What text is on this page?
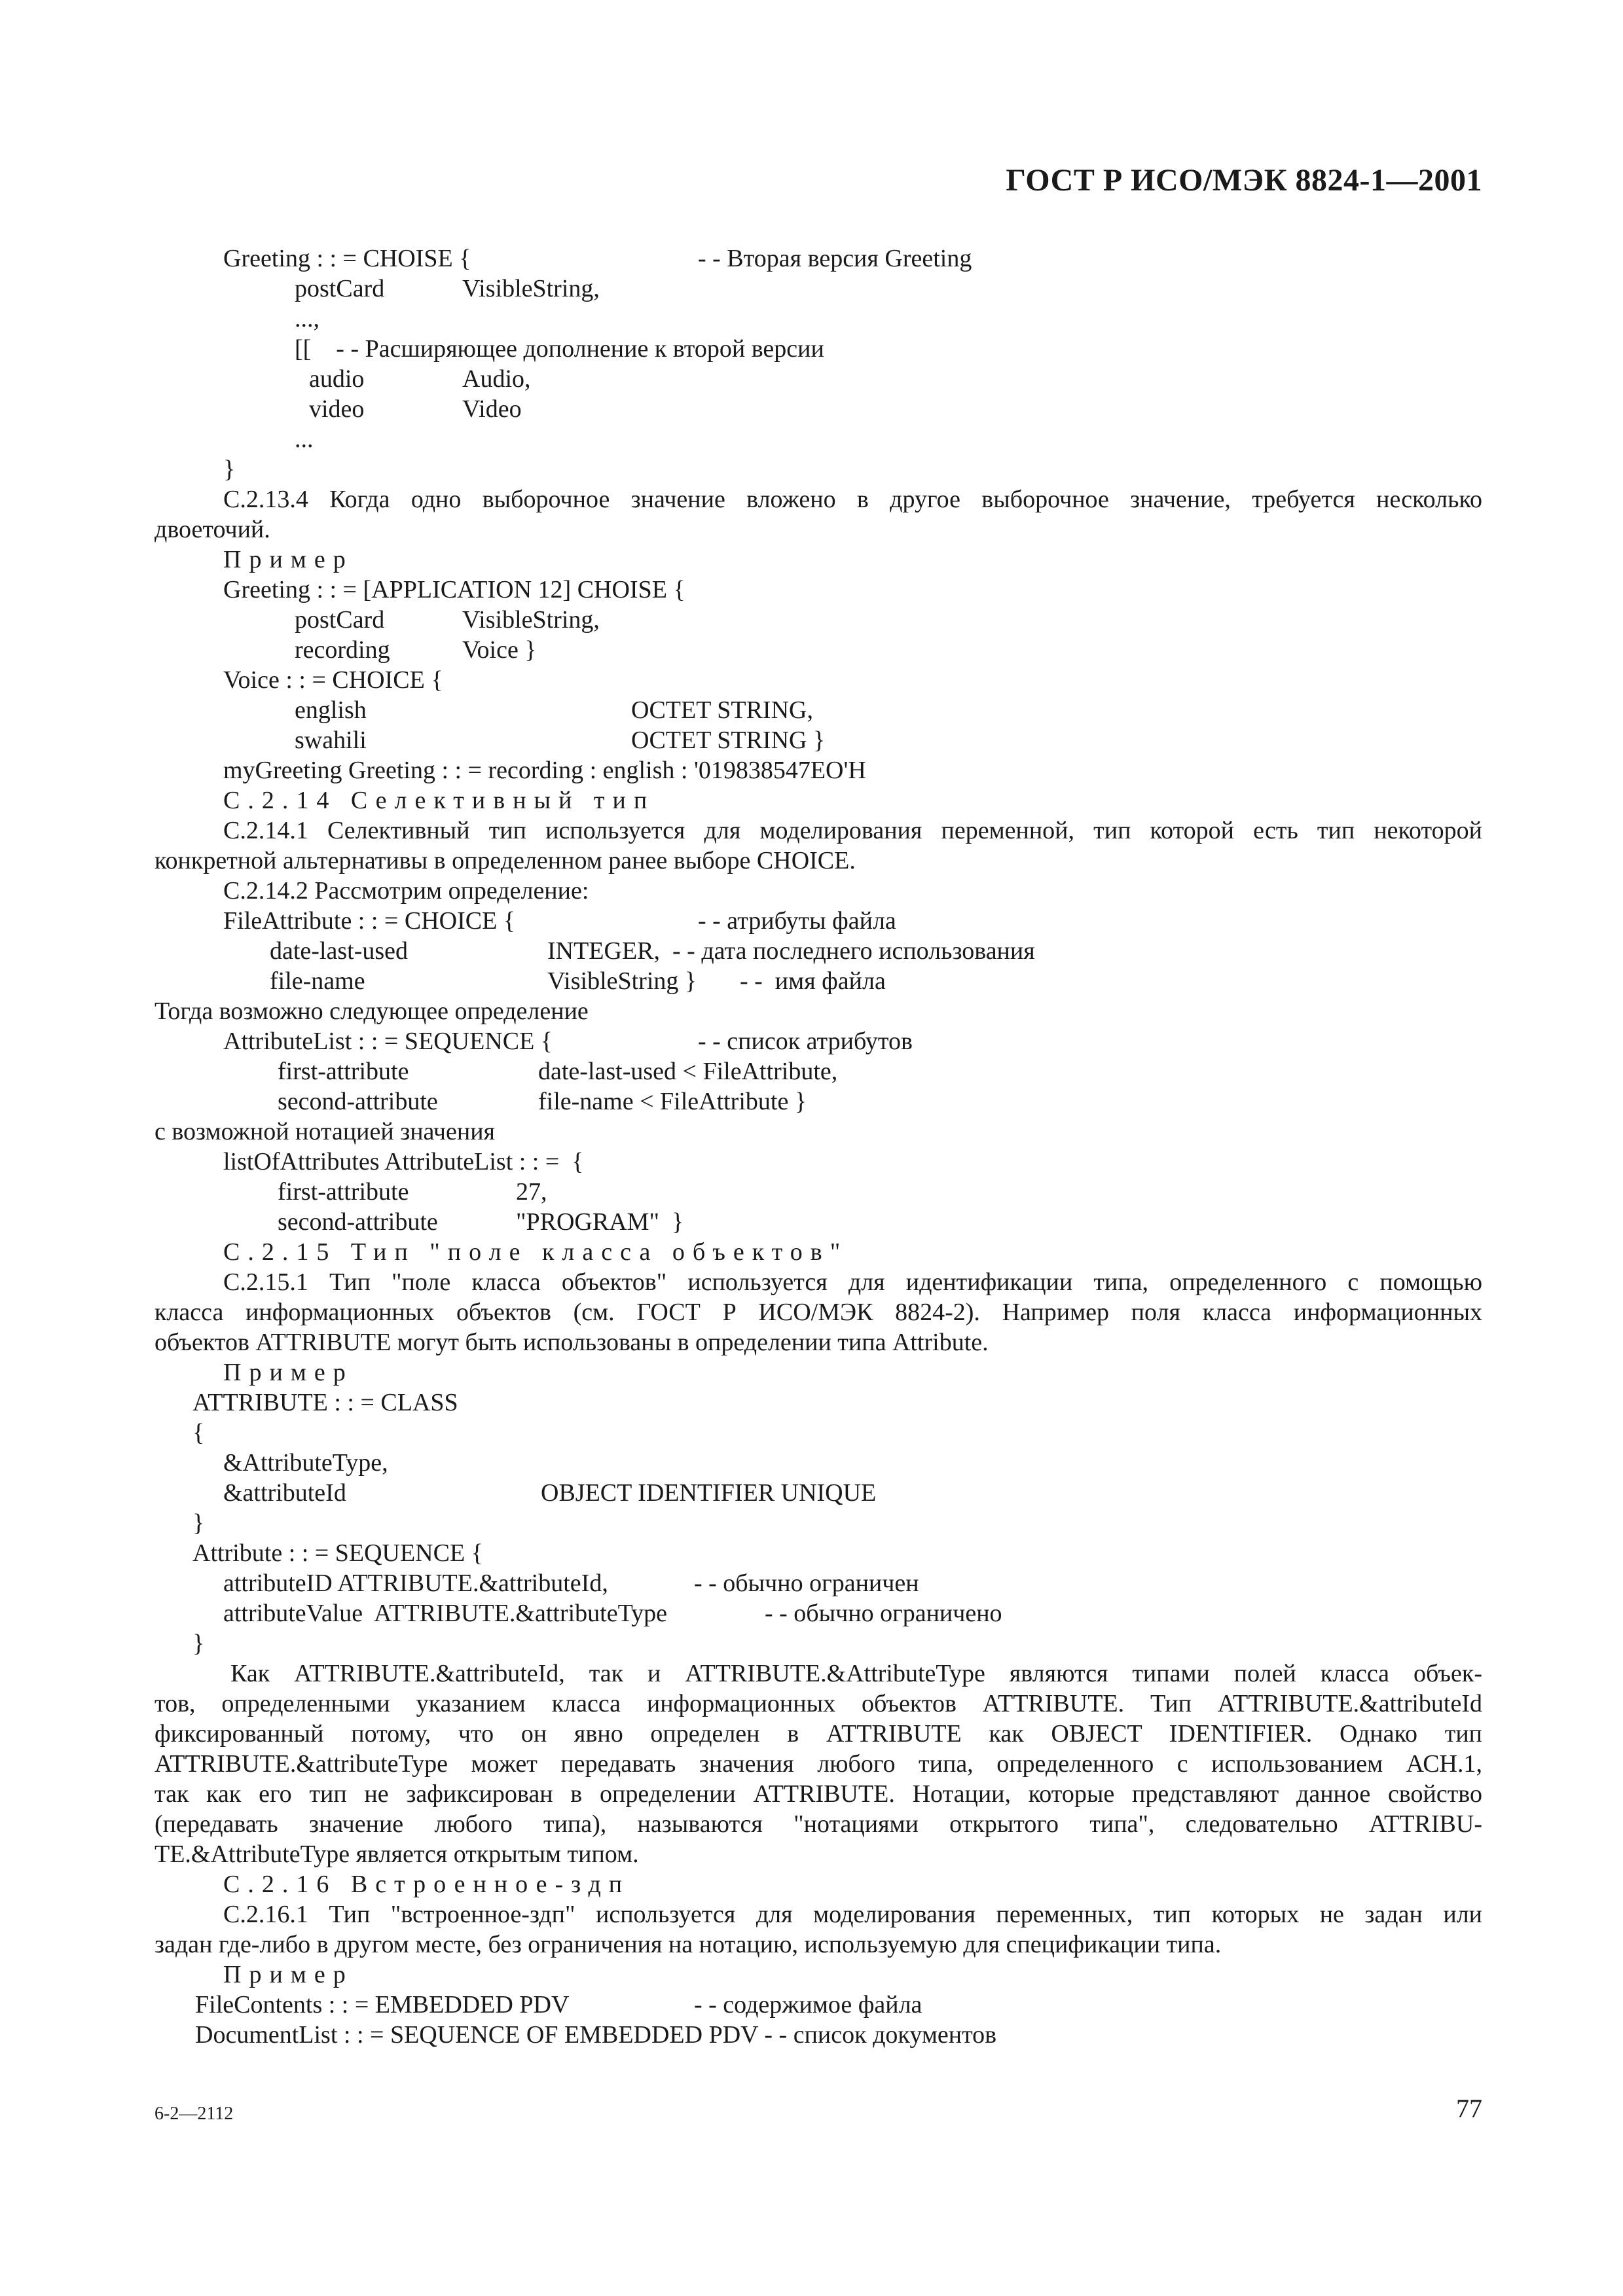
ГОСТ Р ИСО/МЭК 8824-1—2001
Greeting : : = CHOISE {	- - Вторая версия Greeting
postCard	VisibleString,
...,
[[    - - Расширяющее дополнение к второй версии
audio	Audio,
video	Video
...
}
C.2.13.4 Когда одно выборочное значение вложено в другое выборочное значение, требуется несколько
двоеточий.
Пример
Greeting : : = [APPLICATION 12] CHOISE {
postCard	VisibleString,
recording	Voice }
Voice : : = CHOICE {
english	OCTET STRING,
swahili	OCTET STRING }
myGreeting Greeting : : = recording : english : '019838547EO'H
С.2.14 Селективный тип
С.2.14.1 Селективный тип используется для моделирования переменной, тип которой есть тип некоторой
конкретной альтернативы в определенном ранее выборе CHOICE.
С.2.14.2 Рассмотрим определение:
FileAttribute : : = CHOICE {	- - атрибуты файла
date-last-used	INTEGER,  - - дата последнего использования
file-name	VisibleString } - -  имя файла
Тогда возможно следующее определение
AttributeList : : = SEQUENCE {	- - список атрибутов
first-attribute	date-last-used < FileAttribute,
second-attribute	file-name < FileAttribute }
с возможной нотацией значения
listOfAttributes AttributeList : : =  {
first-attribute	27,
second-attribute	"PROGRAM"  }
С.2.15 Тип "поле класса объектов"
С.2.15.1 Тип "поле класса объектов" используется для идентификации типа, определенного с помощью
класса информационных объектов (см. ГОСТ Р ИСО/МЭК 8824-2). Например поля класса информационных
объектов ATTRIBUTE могут быть использованы в определении типа Attribute.
Пример
ATTRIBUTE : : = CLASS
{
&AttributeType,
&attributeId	OBJECT IDENTIFIER UNIQUE
}
Attribute : : = SEQUENCE {
attributeID ATTRIBUTE.&attributeId,	- - обычно ограничен
attributeValue  ATTRIBUTE.&attributeType	- - обычно ограничено
}
Как ATTRIBUTE.&attributeId, так и ATTRIBUTE.&AttributeType являются типами полей класса объек-
тов, определенными указанием класса информационных объектов ATTRIBUTE. Тип ATTRIBUTE.&attributeId
фиксированный потому, что он явно определен в ATTRIBUTE как OBJECT IDENTIFIER. Однако тип
ATTRIBUTE.&attributeType может передавать значения любого типа, определенного с использованием АСН.1,
так как его тип не зафиксирован в определении ATTRIBUTE. Нотации, которые представляют данное свойство
(передавать значение любого типа), называются "нотациями открытого типа", следовательно ATTRIBU-
TE.&AttributeType является открытым типом.
С.2.16 Встроенное-здп
С.2.16.1 Тип "встроенное-здп" используется для моделирования переменных, тип которых не задан или
задан где-либо в другом месте, без ограничения на нотацию, используемую для спецификации типа.
Пример
FileContents : : = EMBEDDED PDV	- - содержимое файла
DocumentList : : = SEQUENCE OF EMBEDDED PDV - - список документов
6-2—2112	77
